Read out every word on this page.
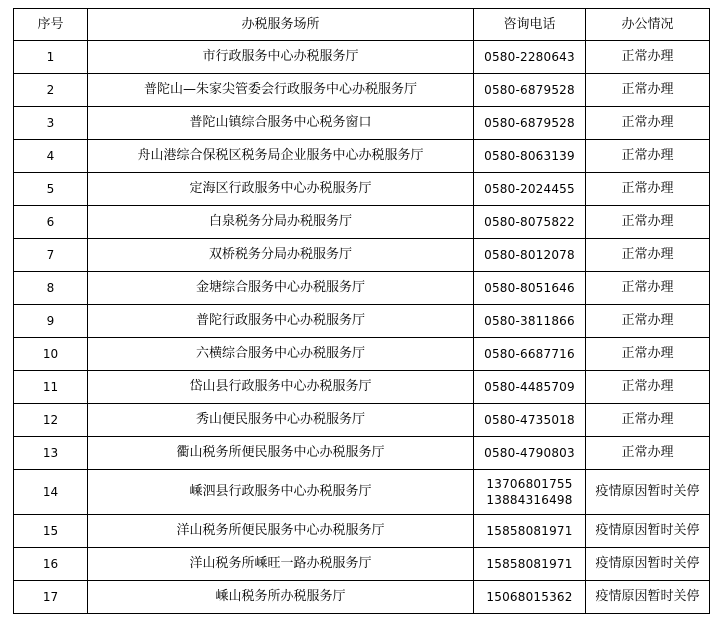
序号	办税服务场所	咨询电话	办公情况
1	市行政服务中心办税服务厅	0580-2280643	正常办理
2	普陀山—朱家尖管委会行政服务中心办税服务厅	0580-6879528	正常办理
3	普陀山镇综合服务中心税务窗口	0580-6879528	正常办理
4	舟山港综合保税区税务局企业服务中心办税服务厅	0580-8063139	正常办理
5	定海区行政服务中心办税服务厅	0580-2024455	正常办理
6	白泉税务分局办税服务厅	0580-8075822	正常办理
7	双桥税务分局办税服务厅	0580-8012078	正常办理
8	金塘综合服务中心办税服务厅	0580-8051646	正常办理
9	普陀行政服务中心办税服务厅	0580-3811866	正常办理
10	六横综合服务中心办税服务厅	0580-6687716	正常办理
11	岱山县行政服务中心办税服务厅	0580-4485709	正常办理
12	秀山便民服务中心办税服务厅	0580-4735018	正常办理
13	衢山税务所便民服务中心办税服务厅	0580-4790803	正常办理
14	嵊泗县行政服务中心办税服务厅	13706801755
13884316498	疫情原因暂时关停
15	洋山税务所便民服务中心办税服务厅	15858081971	疫情原因暂时关停
16	洋山税务所嵊旺一路办税服务厅	15858081971	疫情原因暂时关停
17	嵊山税务所办税服务厅	15068015362	疫情原因暂时关停
